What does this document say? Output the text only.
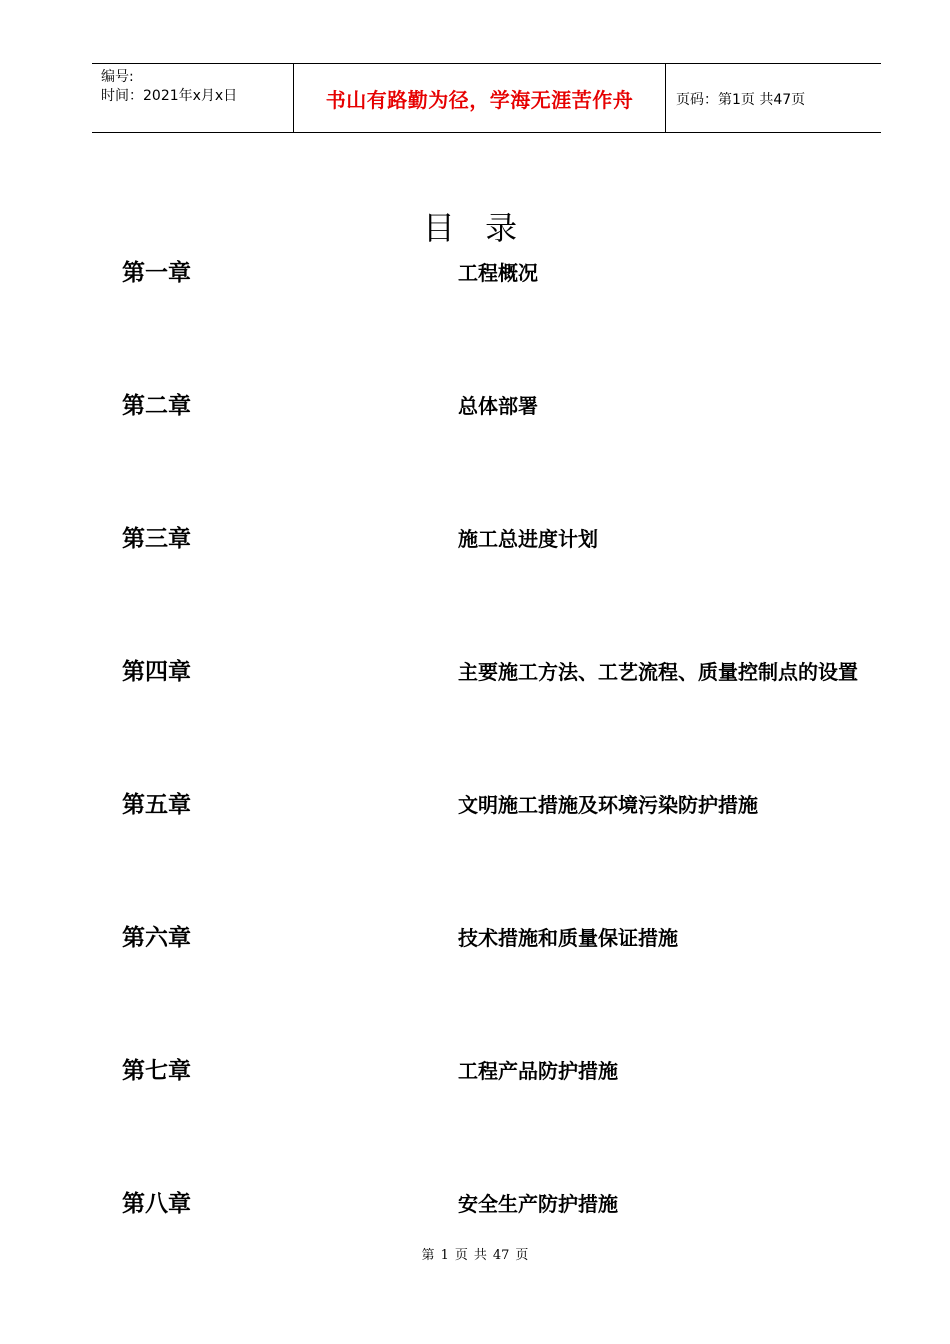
编号:
时间：2021年x月x日	书山有路勤为径，学海无涯苦作舟	页码：第1页 共47页
目 录
第一章	工程概况
第二章	总体部署
第三章	施工总进度计划
第四章	主要施工方法、工艺流程、质量控制点的设置
第五章	文明施工措施及环境污染防护措施
第六章	技术措施和质量保证措施
第七章	工程产品防护措施
第八章	安全生产防护措施
第 1 页 共 47 页
